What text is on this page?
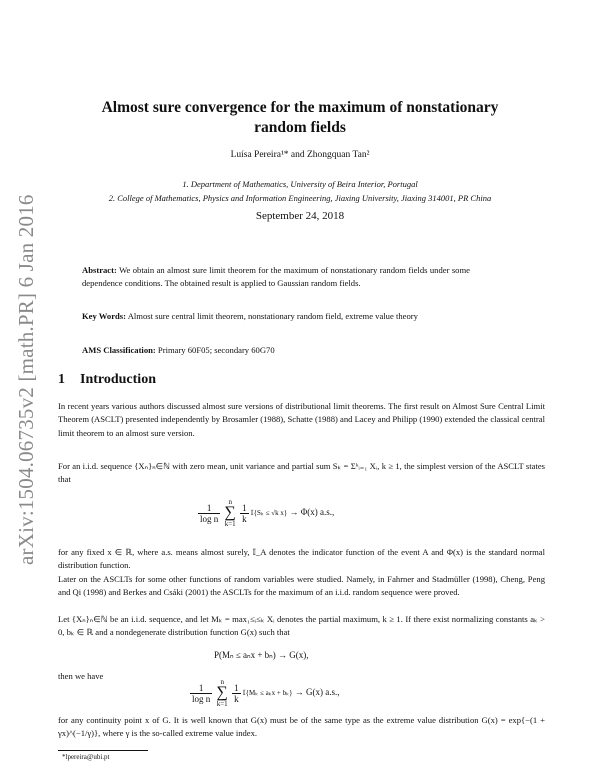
arXiv:1504.06735v2 [math.PR] 6 Jan 2016
Almost sure convergence for the maximum of nonstationary
random fields
Luísa Pereira¹* and Zhongquan Tan²
1. Department of Mathematics, University of Beira Interior, Portugal
2. College of Mathematics, Physics and Information Engineering, Jiaxing University, Jiaxing 314001, PR China
September 24, 2018
Abstract: We obtain an almost sure limit theorem for the maximum of nonstationary random fields under some dependence conditions. The obtained result is applied to Gaussian random fields.
Key Words: Almost sure central limit theorem, nonstationary random field, extreme value theory
AMS Classification: Primary 60F05; secondary 60G70
1 Introduction
In recent years various authors discussed almost sure versions of distributional limit theorems. The first result on Almost Sure Central Limit Theorem (ASCLT) presented independently by Brosamler (1988), Schatte (1988) and Lacey and Philipp (1990) extended the classical central limit theorem to an almost sure version.
For an i.i.d. sequence {Xₙ}ₙ∈ℕ with zero mean, unit variance and partial sum Sₖ = Σᵏᵢ₌₁ Xᵢ, k ≥ 1, the simplest version of the ASCLT states that
$\frac{1}{\text{log n}}$
n
∑
k=1
$\frac{1}{k}$ 𝕀{Sₖ ≤ √k x} → Φ(x) a.s.,
for any fixed x ∈ ℝ, where a.s. means almost surely, 𝕀_A denotes the indicator function of the event A and Φ(x) is the standard normal distribution function.
Later on the ASCLTs for some other functions of random variables were studied. Namely, in Fahrner and Stadmüller (1998), Cheng, Peng and Qi (1998) and Berkes and Csáki (2001) the ASCLTs for the maximum of an i.i.d. random sequence were proved.
Let {Xₙ}ₙ∈ℕ be an i.i.d. sequence, and let Mₖ = max₁≤ᵢ≤ₖ Xᵢ denotes the partial maximum, k ≥ 1. If there exist normalizing constants aₖ > 0, bₖ ∈ ℝ and a nondegenerate distribution function G(x) such that
P(Mₙ ≤ aₙx + bₙ) → G(x),
then we have
$\frac{1}{\text{log n}}$
n
∑
k=1
$\frac{1}{k}$ 𝕀{Mₖ ≤ aₖx + bₖ} → G(x) a.s.,
for any continuity point x of G. It is well known that G(x) must be of the same type as the extreme value distribution G(x) = exp{−(1 + γx)^(−1/γ)}, where γ is the so-called extreme value index.
*lpereira@ubi.pt
